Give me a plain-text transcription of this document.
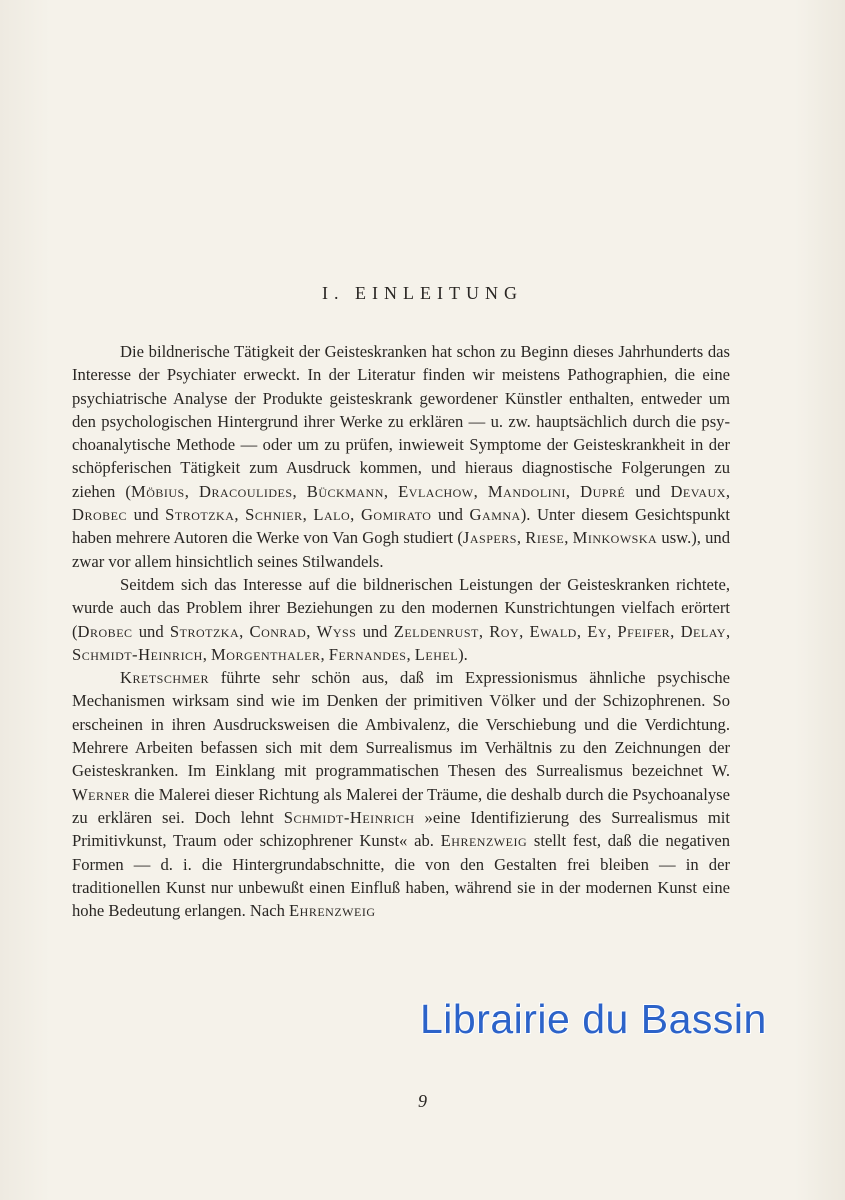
I. EINLEITUNG

Die bildnerische Tätigkeit der Geisteskranken hat schon zu Beginn dieses Jahrhunderts das Interesse der Psychiater erweckt. In der Literatur finden wir meistens Pathographien, die eine psychiatrische Analyse der Produkte geisteskrank gewordener Künstler enthalten, entweder um den psychologischen Hintergrund ihrer Werke zu erklären — u. zw. hauptsächlich durch die psychoanalytische Methode — oder um zu prüfen, inwieweit Symptome der Geisteskrankheit in der schöpferischen Tätigkeit zum Ausdruck kommen, und hieraus diagnostische Folgerungen zu ziehen (Möbius, Dracoulides, Bückmann, Evlachow, Mandolini, Dupré und Devaux, Drobec und Strotzka, Schnier, Lalo, Gomirato und Gamna). Unter diesem Gesichtspunkt haben mehrere Autoren die Werke von Van Gogh studiert (Jaspers, Riese, Minkowska usw.), und zwar vor allem hinsichtlich seines Stilwandels.

Seitdem sich das Interesse auf die bildnerischen Leistungen der Geisteskranken richtete, wurde auch das Problem ihrer Beziehungen zu den modernen Kunstrichtungen vielfach erörtert (Drobec und Strotzka, Conrad, Wyss und Zeldenrust, Roy, Ewald, Ey, Pfeifer, Delay, Schmidt-Heinrich, Morgenthaler, Fernandes, Lehel).

Kretschmer führte sehr schön aus, daß im Expressionismus ähnliche psychische Mechanismen wirksam sind wie im Denken der primitiven Völker und der Schizophrenen. So erscheinen in ihren Ausdrucksweisen die Ambivalenz, die Verschiebung und die Verdichtung. Mehrere Arbeiten befassen sich mit dem Surrealismus im Verhältnis zu den Zeichnungen der Geisteskranken. Im Einklang mit programmatischen Thesen des Surrealismus bezeichnet W. Werner die Malerei dieser Richtung als Malerei der Träume, die deshalb durch die Psychoanalyse zu erklären sei. Doch lehnt Schmidt-Heinrich »eine Identifizierung des Surrealismus mit Primitivkunst, Traum oder schizophrener Kunst« ab. Ehrenzweig stellt fest, daß die negativen Formen — d. i. die Hintergrundabschnitte, die von den Gestalten frei bleiben — in der traditionellen Kunst nur unbewußt einen Einfluß haben, während sie in der modernen Kunst eine hohe Bedeutung erlangen. Nach Ehrenzweig

9
Librairie du Bassin
